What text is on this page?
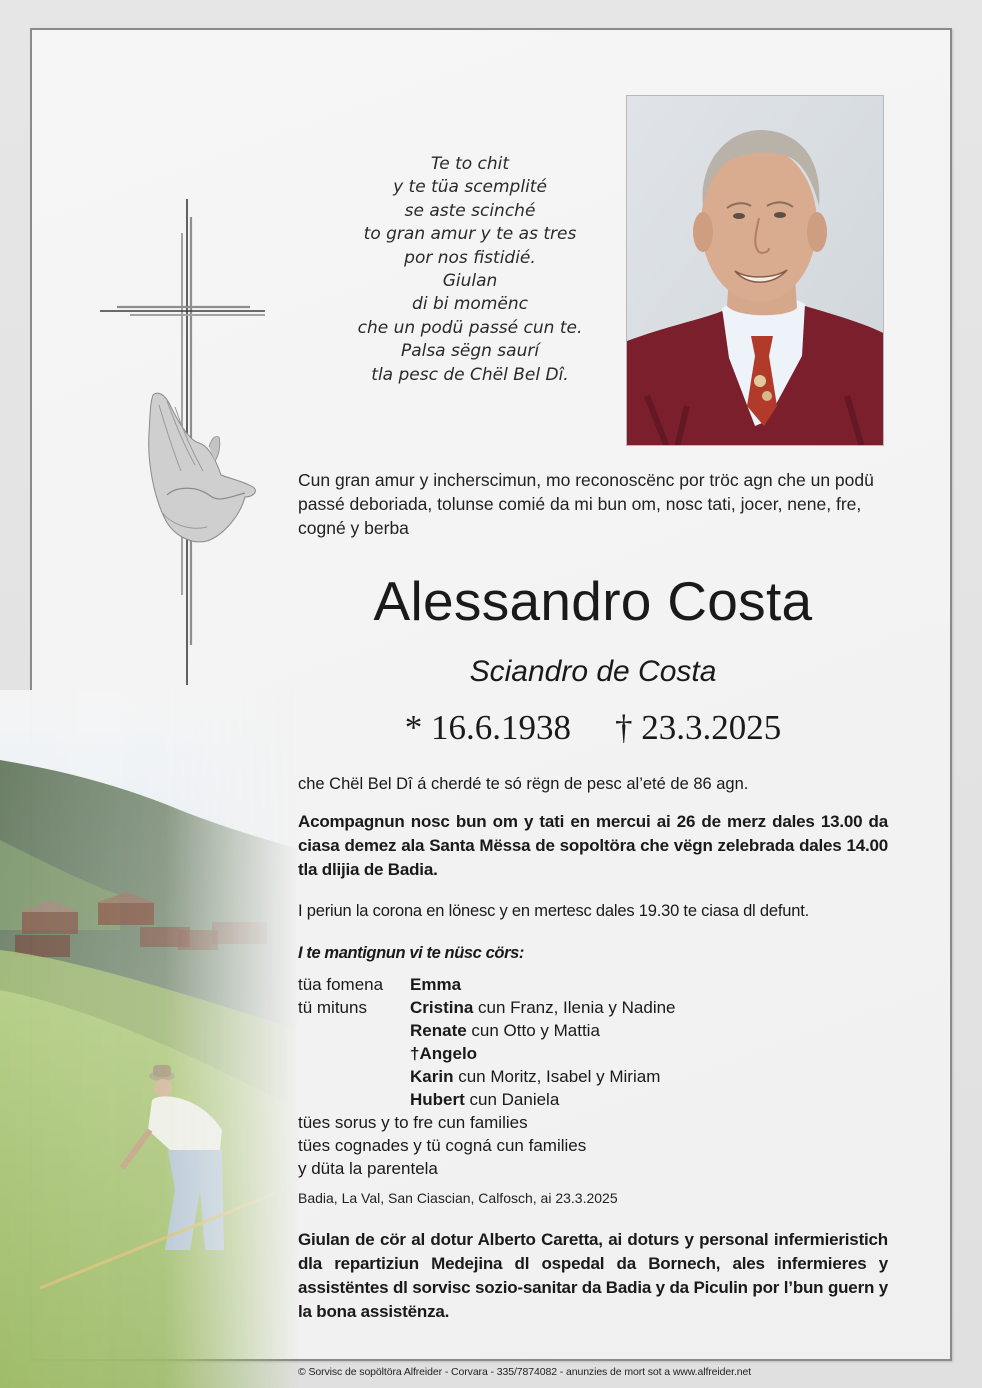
Te to chit
y te tüa scemplité
se aste scinché
to gran amur y te as tres
por nos fistidié.
Giulan
di bi momënc
che un podü passé cun te.
Palsa sëgn saurí
tla pesc de Chël Bel Dî.

Cun gran amur y incherscimun, mo reconoscënc por tröc agn che un podü passé deboriada, tolunse comié da mi bun om, nosc tati, jocer, nene, fre, cogné y berba

Alessandro Costa
Sciandro de Costa
* 16.6.1938 † 23.3.2025

che Chël Bel Dî á cherdé te só rëgn de pesc al’eté de 86 agn.

Acompagnun nosc bun om y tati en mercui ai 26 de merz dales 13.00 da ciasa demez ala Santa Mëssa de sopoltöra che vëgn zelebrada dales 14.00 tla dlijia de Badia.

I periun la corona en lönesc y en mertesc dales 19.30 te ciasa dl defunt.

I te mantignun vi te nüsc cörs:
tüa fomena	Emma
tü mituns	Cristina cun Franz, Ilenia y Nadine
Renate cun Otto y Mattia
†Angelo
Karin cun Moritz, Isabel y Miriam
Hubert cun Daniela
tües sorus y to fre cun families
tües cognades y tü cogná cun families
y düta la parentela
Badia, La Val, San Ciascian, Calfosch, ai 23.3.2025

Giulan de cör al dotur Alberto Caretta, ai doturs y personal infermieristich dla repartiziun Medejina dl ospedal da Bornech, ales infermieres y assistëntes dl sorvisc sozio-sanitar da Badia y da Piculin por l’bun guern y la bona assistënza.

© Sorvisc de sopöltöra Alfreider - Corvara - 335/7874082 - anunzies de mort sot a www.alfreider.net
